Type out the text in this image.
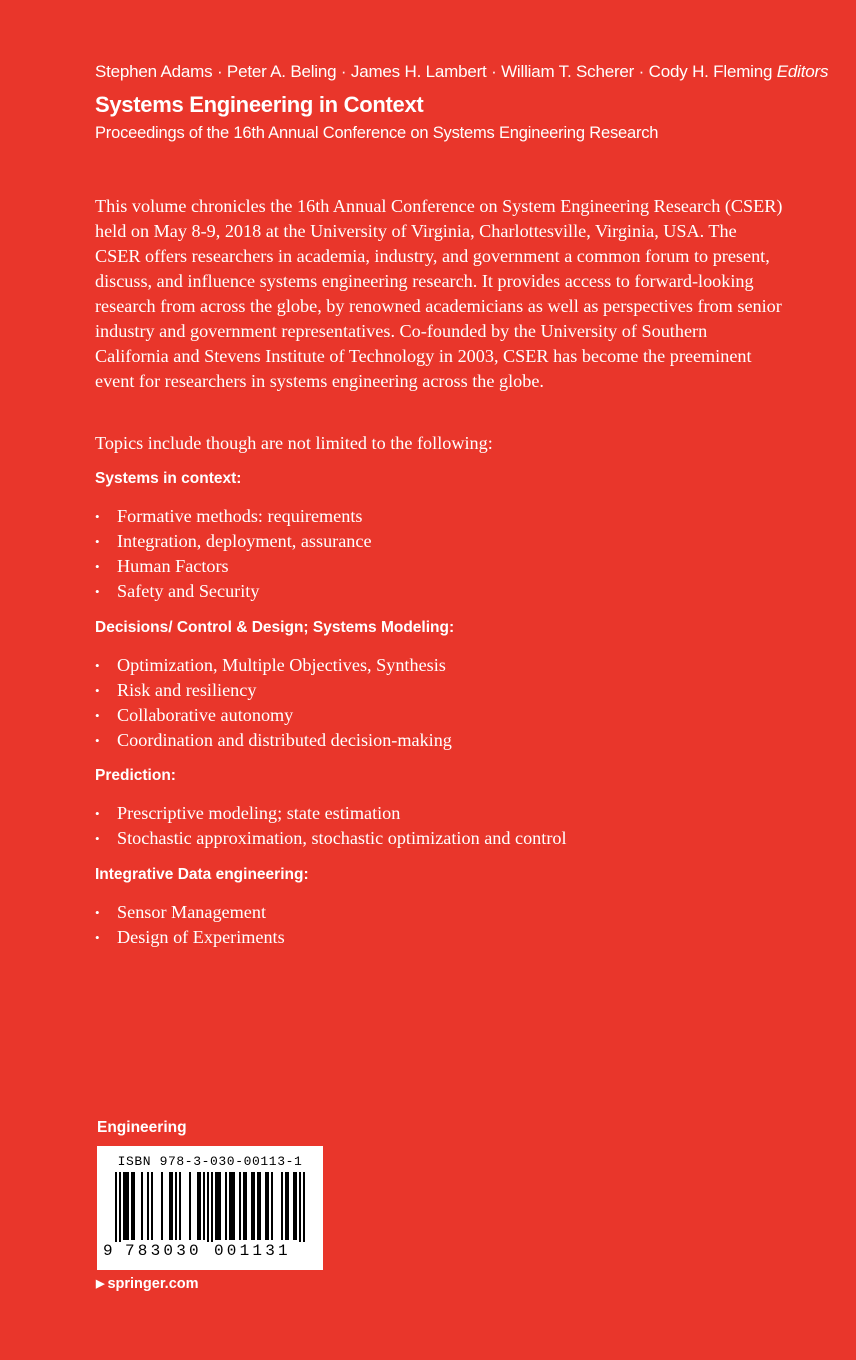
Stephen Adams · Peter A. Beling · James H. Lambert · William T. Scherer · Cody H. Fleming Editors
Systems Engineering in Context
Proceedings of the 16th Annual Conference on Systems Engineering Research

This volume chronicles the 16th Annual Conference on System Engineering Research (CSER) held on May 8-9, 2018 at the University of Virginia, Charlottesville, Virginia, USA. The CSER offers researchers in academia, industry, and government a common forum to present, discuss, and influence systems engineering research. It provides access to forward-looking research from across the globe, by renowned academicians as well as perspectives from senior industry and government representatives. Co-founded by the University of Southern California and Stevens Institute of Technology in 2003, CSER has become the preeminent event for researchers in systems engineering across the globe.

Topics include though are not limited to the following:

Systems in context:
• Formative methods: requirements
• Integration, deployment, assurance
• Human Factors
• Safety and Security
Decisions/ Control & Design; Systems Modeling:
• Optimization, Multiple Objectives, Synthesis
• Risk and resiliency
• Collaborative autonomy
• Coordination and distributed decision-making
Prediction:
• Prescriptive modeling; state estimation
• Stochastic approximation, stochastic optimization and control
Integrative Data engineering:
• Sensor Management
• Design of Experiments
Engineering
ISBN 978-3-030-00113-1
9 783030 001131
▶ springer.com
